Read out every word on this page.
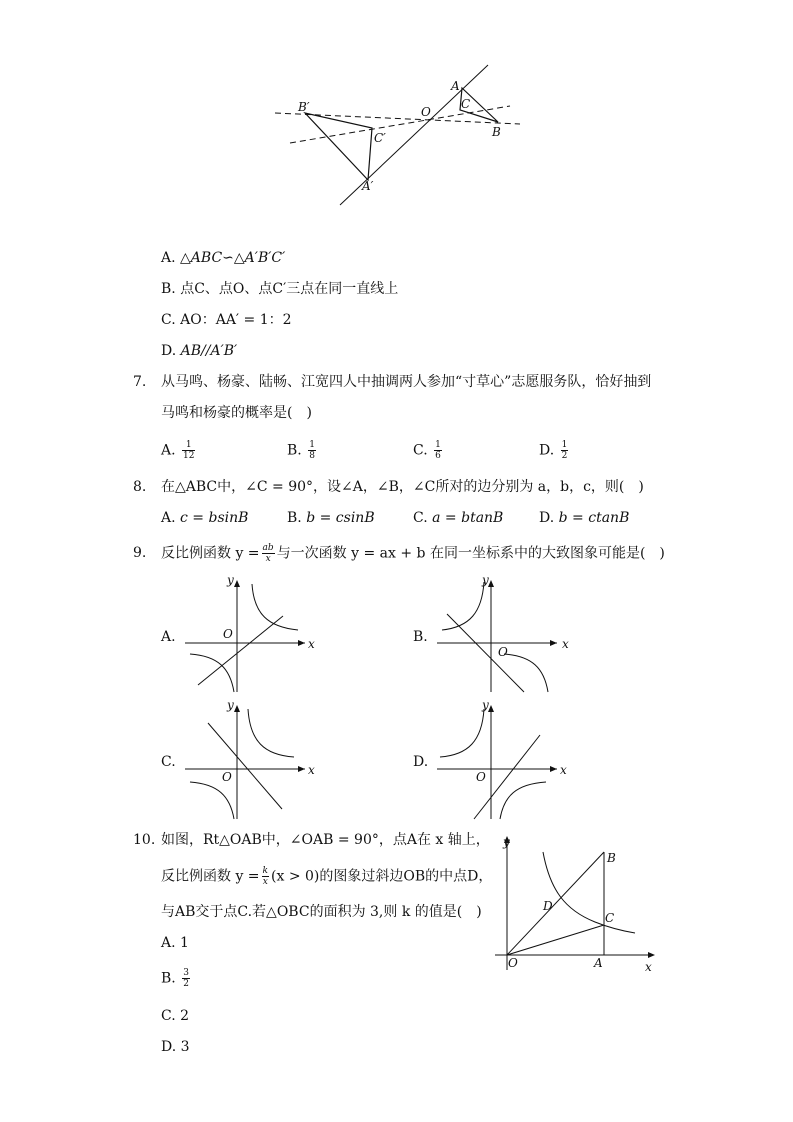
A
B
C
O
A′
B′
C′
A. △ABC∽△A′B′C′
B. 点C、点O、点C′三点在同一直线上
C. AO：AA′ = 1：2
D. AB//A′B′
7. 从马鸣、杨豪、陆畅、江宽四人中抽调两人参加“寸草心”志愿服务队，恰好抽到
马鸣和杨豪的概率是(　)
A. $\frac{1}{12}$	B. $\frac{1}{8}$	C. $\frac{1}{6}$	D. $\frac{1}{2}$
8. 在△ABC中，∠C = 90°，设∠A，∠B，∠C所对的边分别为 a，b，c，则(　)
A. c = bsinB	B. b = csinB	C. a = btanB	D. b = ctanB
9. 反比例函数 $y = \frac{ab}{x}$ 与一次函数 y = ax + b 在同一坐标系中的大致图象可能是(　)
A.	B.
C.	D.
x
y
O
x
y
O
x
y
O	x
y
O
10. 如图，Rt△OAB中，∠OAB = 90°，点A在 x 轴上，
反比例函数 $y = \frac{k}{x} (x > 0)$的图象过斜边OB的中点D，
与AB交于点C.若△OBC的面积为 3,则 k 的值是(　)
A. 1
B. $\frac{3}{2}$
C. 2
D. 3
y
x
O	A
B
C
D
